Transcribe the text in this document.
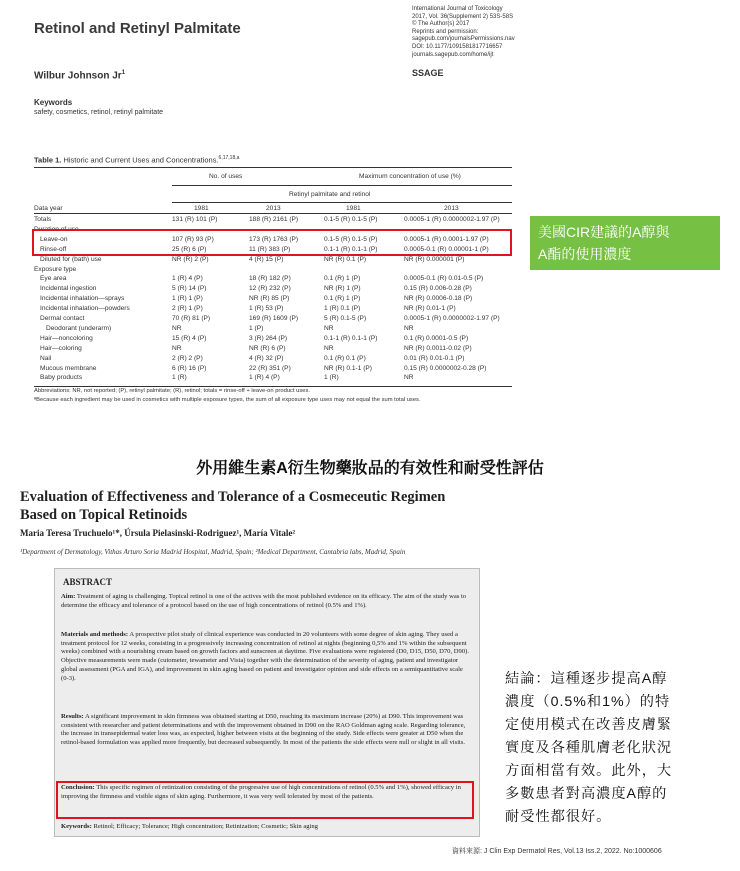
Retinol and Retinyl Palmitate
International Journal of Toxicology
2017, Vol. 36(Supplement 2) 53S-58S
© The Author(s) 2017
Reprints and permission:
sagepub.com/journalsPermissions.nav
DOI: 10.1177/1091581817716657
journals.sagepub.com/home/ijt
SSAGE
Wilbur Johnson Jr$^1$
Keywords
safety, cosmetics, retinol, retinyl palmitate
Table 1. Historic and Current Uses and Concentrations.$^{6,17,18,a}$
No. of uses	Maximum concentration of use (%)
Retinyl palmitate and retinol
Data year	1981	2013	1981	2013
Totals	131 (R) 101 (P)	188 (R) 2161 (P)	0.1-5 (R) 0.1-5 (P)	0.0005-1 (R) 0.0000002-1.97 (P)
Duration of use
Leave-on	107 (R) 93 (P)	173 (R) 1763 (P)	0.1-5 (R) 0.1-5 (P)	0.0005-1 (R) 0.0001-1.97 (P)
Rinse-off	25 (R) 6 (P)	11 (R) 383 (P)	0.1-1 (R) 0.1-1 (P)	0.0005-0.1 (R) 0.00001-1 (P)
Diluted for (bath) use	NR (R) 2 (P)	4 (R) 15 (P)	NR (R) 0.1 (P)	NR (R) 0.000001 (P)
Exposure type
Eye area	1 (R) 4 (P)	18 (R) 182 (P)	0.1 (R) 1 (P)	0.0005-0.1 (R) 0.01-0.5 (P)
Incidental ingestion	5 (R) 14 (P)	12 (R) 232 (P)	NR (R) 1 (P)	0.15 (R) 0.006-0.28 (P)
Incidental inhalation—sprays	1 (R) 1 (P)	NR (R) 85 (P)	0.1 (R) 1 (P)	NR (R) 0.0006-0.18 (P)
Incidental inhalation—powders	2 (R) 1 (P)	1 (R) 53 (P)	1 (R) 0.1 (P)	NR (R) 0.01-1 (P)
Dermal contact	70 (R) 81 (P)	169 (R) 1609 (P)	5 (R) 0.1-5 (P)	0.0005-1 (R) 0.0000002-1.97 (P)
Deodorant (underarm)	NR	1 (P)	NR	NR
Hair—noncoloring	15 (R) 4 (P)	3 (R) 264 (P)	0.1-1 (R) 0.1-1 (P)	0.1 (R) 0.0001-0.5 (P)
Hair—coloring	NR	NR (R) 6 (P)	NR	NR (R) 0.0011-0.02 (P)
Nail	2 (R) 2 (P)	4 (R) 32 (P)	0.1 (R) 0.1 (P)	0.01 (R) 0.01-0.1 (P)
Mucous membrane	6 (R) 16 (P)	22 (R) 351 (P)	NR (R) 0.1-1 (P)	0.15 (R) 0.0000002-0.28 (P)
Baby products	1 (R)	1 (R) 4 (P)	1 (R)	NR
Abbreviations: NR, not reported; (P), retinyl palmitate; (R), retinol; totals = rinse-off + leave-on product uses.
ªBecause each ingredient may be used in cosmetics with multiple exposure types, the sum of all exposure type uses may not equal the sum total uses.
美國CIR建議的A醇與
A酯的使用濃度
外用維生素A衍生物藥妝品的有效性和耐受性評估
Evaluation of Effectiveness and Tolerance of a Cosmeceutic Regimen
Based on Topical Retinoids
Maria Teresa Truchuelo¹*, Úrsula Pielasinski-Rodriguez¹, María Vitale²
¹Department of Dermatology, Vithas Arturo Soria Madrid Hospital, Madrid, Spain; ²Medical Department, Cantabria labs, Madrid, Spain
ABSTRACT
Aim: Treatment of aging is challenging. Topical retinol is one of the actives with the most published evidence on its efficacy. The aim of the study was to determine the efficacy and tolerance of a protocol based on the use of high concentrations of retinol (0.5% and 1%).
Materials and methods: A prospective pilot study of clinical experience was conducted in 20 volunteers with some degree of skin aging. They used a treatment protocol for 12 weeks, consisting in a progressively increasing concentration of retinol at nights (beginning 0,5% and 1% within the subsequent weeks) combined with a nourishing cream based on growth factors and sunscreen at daytime. Five evaluations were registered (D0, D15, D50, D70, D90). Objective measurements were made (cutometer, tewameter and Visia) together with the determination of the severity of aging, patient and investigator global assessment (PGA and IGA), and improvement in skin aging based on patient and investigator opinion and side effects on a semiquantitative scale (0-3).
Results: A significant improvement in skin firmness was obtained starting at D50, reaching its maximum increase (20%) at D90. This improvement was consistent with researcher and patient determinations and with the improvement obtained in D90 on the RAO Goldman aging scale. Regarding tolerance, the increase in transepidermal water loss was, as expected, higher between visits at the beginning of the study. Side effects were greater at D50 when the retinol-based formulation was applied more frequently, but decreased subsequently. In most of the patients the side effects were null or slight in all visits.
Conclusion: This specific regimen of retinization consisting of the progressive use of high concentrations of retinol (0.5% and 1%), showed efficacy in improving the firmness and visible signs of skin aging. Furthermore, it was very well tolerated by most of the patients.
Keywords: Retinol; Efficacy; Tolerance; High concentration; Retinization; Cosmetic; Skin aging
結論：這種逐步提高A醇
濃度（0.5%和1%）的特
定使用模式在改善皮膚緊
實度及各種肌膚老化狀況
方面相當有效。此外，大
多數患者對高濃度A醇的
耐受性都很好。
資料來源: J Clin Exp Dermatol Res, Vol.13 Iss.2, 2022. No:1000606
